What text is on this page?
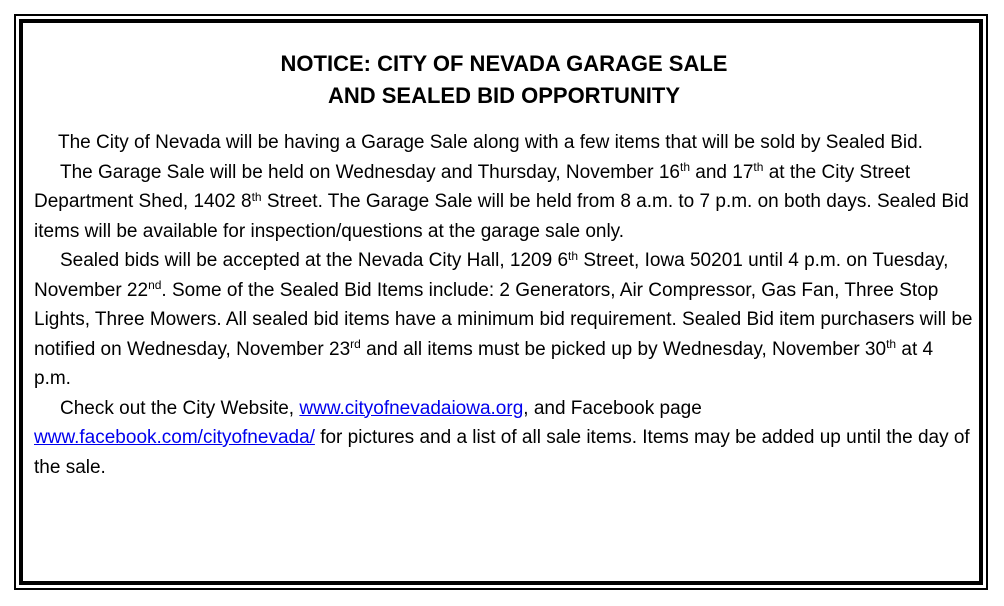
NOTICE: CITY OF NEVADA GARAGE SALE
AND SEALED BID OPPORTUNITY

The City of Nevada will be having a Garage Sale along with a few items that will be sold by Sealed Bid.

The Garage Sale will be held on Wednesday and Thursday, November 16th and 17th at the City Street Department Shed, 1402 8th Street. The Garage Sale will be held from 8 a.m. to 7 p.m. on both days. Sealed Bid items will be available for inspection/questions at the garage sale only.

Sealed bids will be accepted at the Nevada City Hall, 1209 6th Street, Iowa 50201 until 4 p.m. on Tuesday, November 22nd. Some of the Sealed Bid Items include: 2 Generators, Air Compressor, Gas Fan, Three Stop Lights, Three Mowers. All sealed bid items have a minimum bid requirement. Sealed Bid item purchasers will be notified on Wednesday, November 23rd and all items must be picked up by Wednesday, November 30th at 4 p.m.

Check out the City Website, www.cityofnevadaiowa.org, and Facebook page www.facebook.com/cityofnevada/ for pictures and a list of all sale items. Items may be added up until the day of the sale.
